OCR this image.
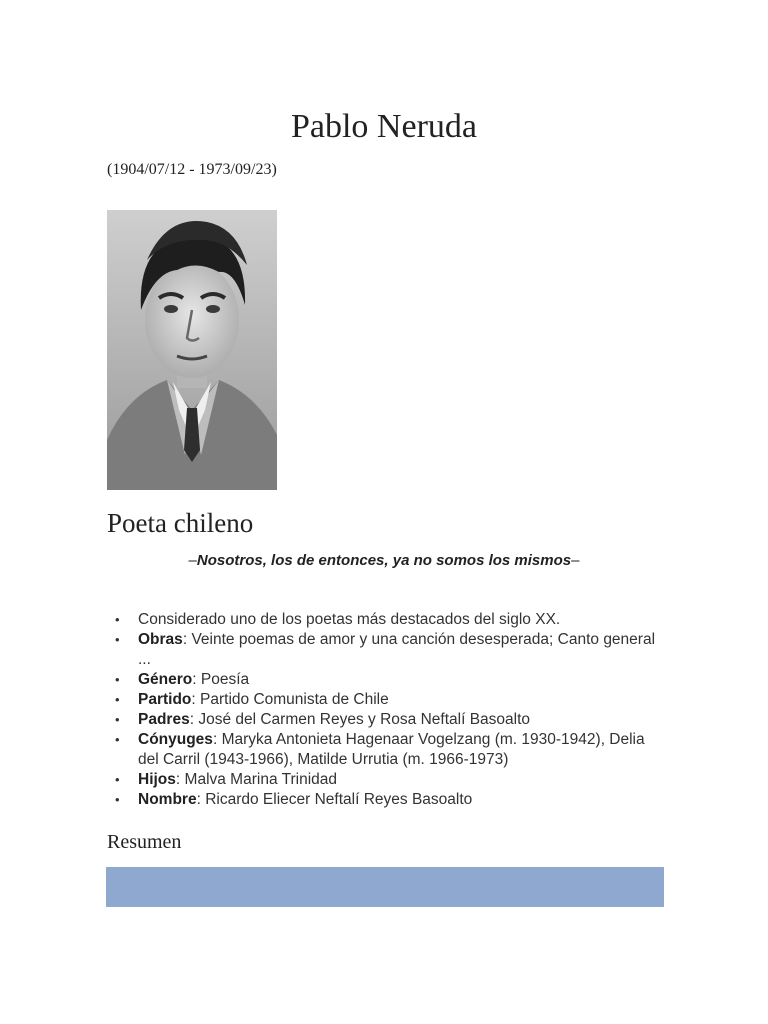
Pablo Neruda
(1904/07/12 - 1973/09/23)
Poeta chileno
–Nosotros, los de entonces, ya no somos los mismos–
• Considerado uno de los poetas más destacados del siglo XX.
• Obras: Veinte poemas de amor y una canción desesperada; Canto general ...
• Género: Poesía
• Partido: Partido Comunista de Chile
• Padres: José del Carmen Reyes y Rosa Neftalí Basoalto
• Cónyuges: Maryka Antonieta Hagenaar Vogelzang (m. 1930-1942), Delia del Carril (1943-1966), Matilde Urrutia (m. 1966-1973)
• Hijos: Malva Marina Trinidad
• Nombre: Ricardo Eliecer Neftalí Reyes Basoalto
Resumen
